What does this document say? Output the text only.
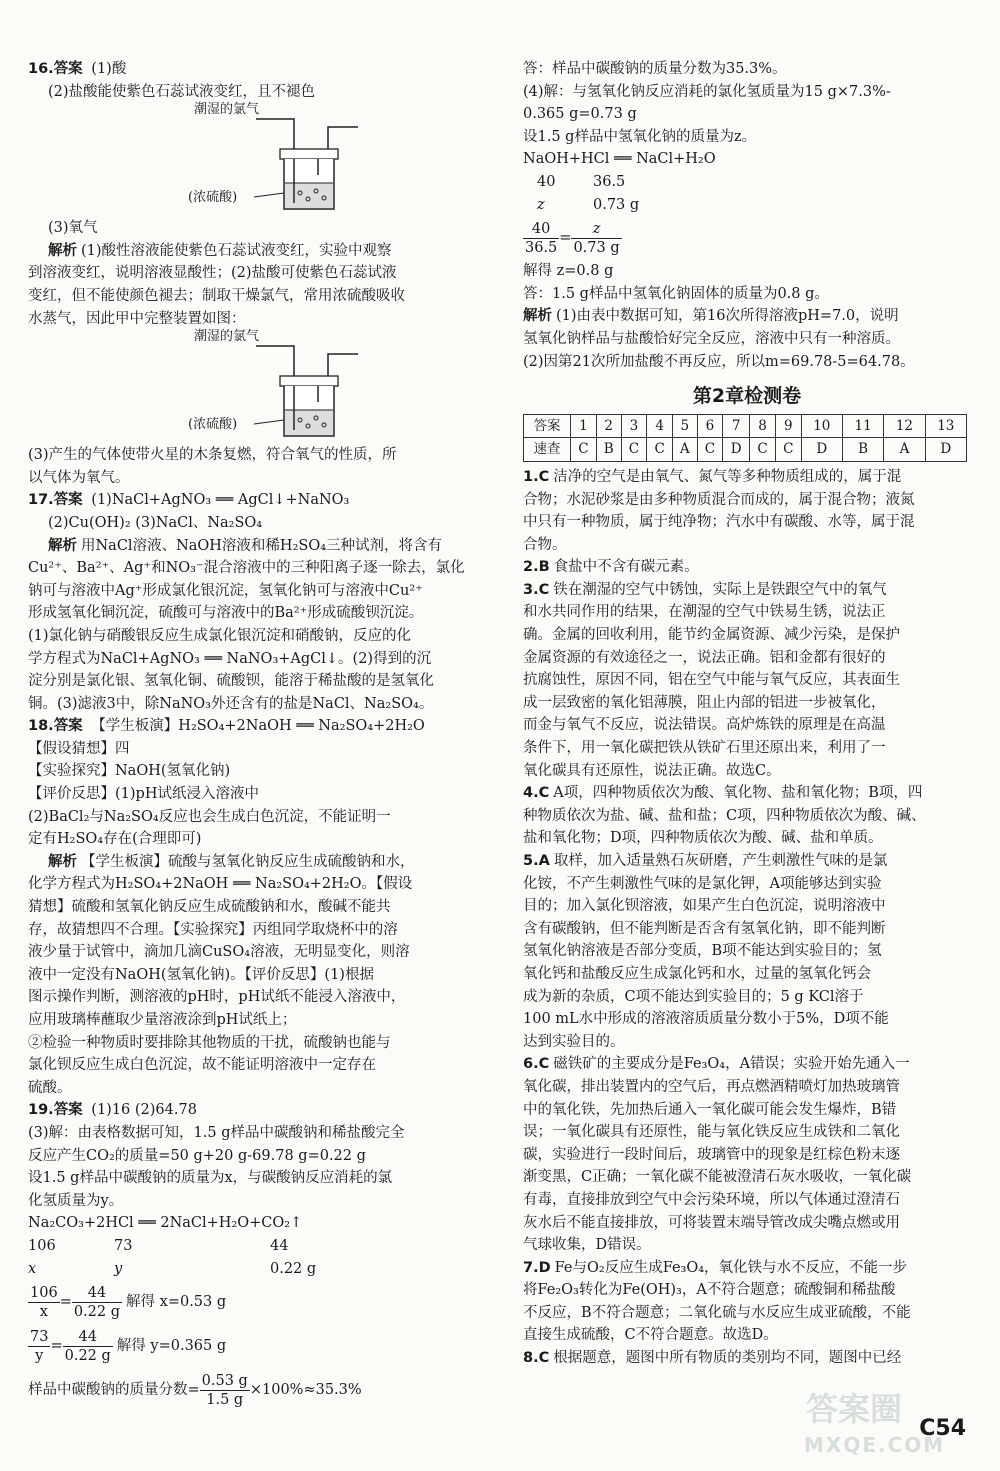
16.答案 (1)酸
(2)盐酸能使紫色石蕊试液变红，且不褪色
潮湿的氯气
(浓硫酸)
(3)氧气
解析 (1)酸性溶液能使紫色石蕊试液变红，实验中观察
到溶液变红，说明溶液显酸性；(2)盐酸可使紫色石蕊试液
变红，但不能使颜色褪去；制取干燥氯气，常用浓硫酸吸收
水蒸气，因此甲中完整装置如图：
潮湿的氯气
(浓硫酸)
(3)产生的气体使带火星的木条复燃，符合氧气的性质，所
以气体为氧气。
17.答案 (1)NaCl+AgNO₃ ══ AgCl↓+NaNO₃
(2)Cu(OH)₂ (3)NaCl、Na₂SO₄
解析 用NaCl溶液、NaOH溶液和稀H₂SO₄三种试剂，将含有
Cu²⁺、Ba²⁺、Ag⁺和NO₃⁻混合溶液中的三种阳离子逐一除去，氯化
钠可与溶液中Ag⁺形成氯化银沉淀，氢氧化钠可与溶液中Cu²⁺
形成氢氧化铜沉淀，硫酸可与溶液中的Ba²⁺形成硫酸钡沉淀。
(1)氯化钠与硝酸银反应生成氯化银沉淀和硝酸钠，反应的化
学方程式为NaCl+AgNO₃ ══ NaNO₃+AgCl↓。(2)得到的沉
淀分别是氯化银、氢氧化铜、硫酸钡，能溶于稀盐酸的是氢氧化
铜。(3)滤液3中，除NaNO₃外还含有的盐是NaCl、Na₂SO₄。
18.答案 【学生板演】H₂SO₄+2NaOH ══ Na₂SO₄+2H₂O
【假设猜想】四
【实验探究】NaOH(氢氧化钠)
【评价反思】(1)pH试纸浸入溶液中
(2)BaCl₂与Na₂SO₄反应也会生成白色沉淀，不能证明一
定有H₂SO₄存在(合理即可)
解析 【学生板演】硫酸与氢氧化钠反应生成硫酸钠和水，
化学方程式为H₂SO₄+2NaOH ══ Na₂SO₄+2H₂O。【假设
猜想】硫酸和氢氧化钠反应生成硫酸钠和水，酸碱不能共
存，故猜想四不合理。【实验探究】丙组同学取烧杯中的溶
液少量于试管中，滴加几滴CuSO₄溶液，无明显变化，则溶
液中一定没有NaOH(氢氧化钠)。【评价反思】(1)根据
图示操作判断，测溶液的pH时，pH试纸不能浸入溶液中，
应用玻璃棒蘸取少量溶液涂到pH试纸上；
②检验一种物质时要排除其他物质的干扰，硫酸钠也能与
氯化钡反应生成白色沉淀，故不能证明溶液中一定存在
硫酸。
19.答案 (1)16 (2)64.78
(3)解：由表格数据可知，1.5 g样品中碳酸钠和稀盐酸完全
反应产生CO₂的质量=50 g+20 g-69.78 g=0.22 g
设1.5 g样品中碳酸钠的质量为x，与碳酸钠反应消耗的氯
化氢质量为y。
Na₂CO₃+2HCl ══ 2NaCl+H₂O+CO₂↑
106	73	44
x	y	0.22 g
$\frac{106}{x} = \frac{44}{0.22 g}$ 解得 x=0.53 g
$\frac{73}{y} = \frac{44}{0.22 g}$ 解得 y=0.365 g
样品中碳酸钠的质量分数= $\frac{0.53 g}{1.5 g} \times 100\%\approx 35.3\%$
答：样品中碳酸钠的质量分数为35.3%。
(4)解：与氢氧化钠反应消耗的氯化氢质量为15 g×7.3%-
0.365 g=0.73 g
设1.5 g样品中氢氧化钠的质量为z。
NaOH+HCl ══ NaCl+H₂O
40	36.5
z	0.73 g
$\frac{40}{36.5} = \frac{z}{0.73 g}$
解得 z=0.8 g
答：1.5 g样品中氢氧化钠固体的质量为0.8 g。
解析 (1)由表中数据可知，第16次所得溶液pH=7.0，说明
氢氧化钠样品与盐酸恰好完全反应，溶液中只有一种溶质。
(2)因第21次所加盐酸不再反应，所以m=69.78-5=64.78。
第2章检测卷
答案	1	2	3	4	5	6	7	8	9	10	11	12	13
速查	C	B	C	C	A	C	D	C	C	D	B	A	D
1.C 洁净的空气是由氧气、氮气等多种物质组成的，属于混
合物；水泥砂浆是由多种物质混合而成的，属于混合物；液氮
中只有一种物质，属于纯净物；汽水中有碳酸、水等，属于混
合物。
2.B 食盐中不含有碳元素。
3.C 铁在潮湿的空气中锈蚀，实际上是铁跟空气中的氧气
和水共同作用的结果，在潮湿的空气中铁易生锈，说法正
确。金属的回收利用，能节约金属资源、减少污染，是保护
金属资源的有效途径之一，说法正确。铝和金都有很好的
抗腐蚀性，原因不同，铝在空气中能与氧气反应，其表面生
成一层致密的氧化铝薄膜，阻止内部的铝进一步被氧化，
而金与氧气不反应，说法错误。高炉炼铁的原理是在高温
条件下，用一氧化碳把铁从铁矿石里还原出来，利用了一
氧化碳具有还原性，说法正确。故选C。
4.C A项，四种物质依次为酸、氧化物、盐和氧化物；B项，四
种物质依次为盐、碱、盐和盐；C项，四种物质依次为酸、碱、
盐和氧化物；D项，四种物质依次为酸、碱、盐和单质。
5.A 取样，加入适量熟石灰研磨，产生刺激性气味的是氯
化铵，不产生刺激性气味的是氯化钾，A项能够达到实验
目的；加入氯化钡溶液，如果产生白色沉淀，说明溶液中
含有碳酸钠，但不能判断是否含有氢氧化钠，即不能判断
氢氧化钠溶液是否部分变质，B项不能达到实验目的；氢
氧化钙和盐酸反应生成氯化钙和水，过量的氢氧化钙会
成为新的杂质，C项不能达到实验目的；5 g KCl溶于
100 mL水中形成的溶液溶质质量分数小于5%，D项不能
达到实验目的。
6.C 磁铁矿的主要成分是Fe₃O₄，A错误；实验开始先通入一
氧化碳，排出装置内的空气后，再点燃酒精喷灯加热玻璃管
中的氧化铁，先加热后通入一氧化碳可能会发生爆炸，B错
误；一氧化碳具有还原性，能与氧化铁反应生成铁和二氧化
碳，实验进行一段时间后，玻璃管中的现象是红棕色粉末逐
渐变黑，C正确；一氧化碳不能被澄清石灰水吸收，一氧化碳
有毒，直接排放到空气中会污染环境，所以气体通过澄清石
灰水后不能直接排放，可将装置末端导管改成尖嘴点燃或用
气球收集，D错误。
7.D Fe与O₂反应生成Fe₃O₄，氧化铁与水不反应，不能一步
将Fe₂O₃转化为Fe(OH)₃，A不符合题意；硫酸铜和稀盐酸
不反应，B不符合题意；二氧化硫与水反应生成亚硫酸，不能
直接生成硫酸，C不符合题意。故选D。
8.C 根据题意，题图中所有物质的类别均不同，题图中已经
C54
答案圈
MXQE.COM
